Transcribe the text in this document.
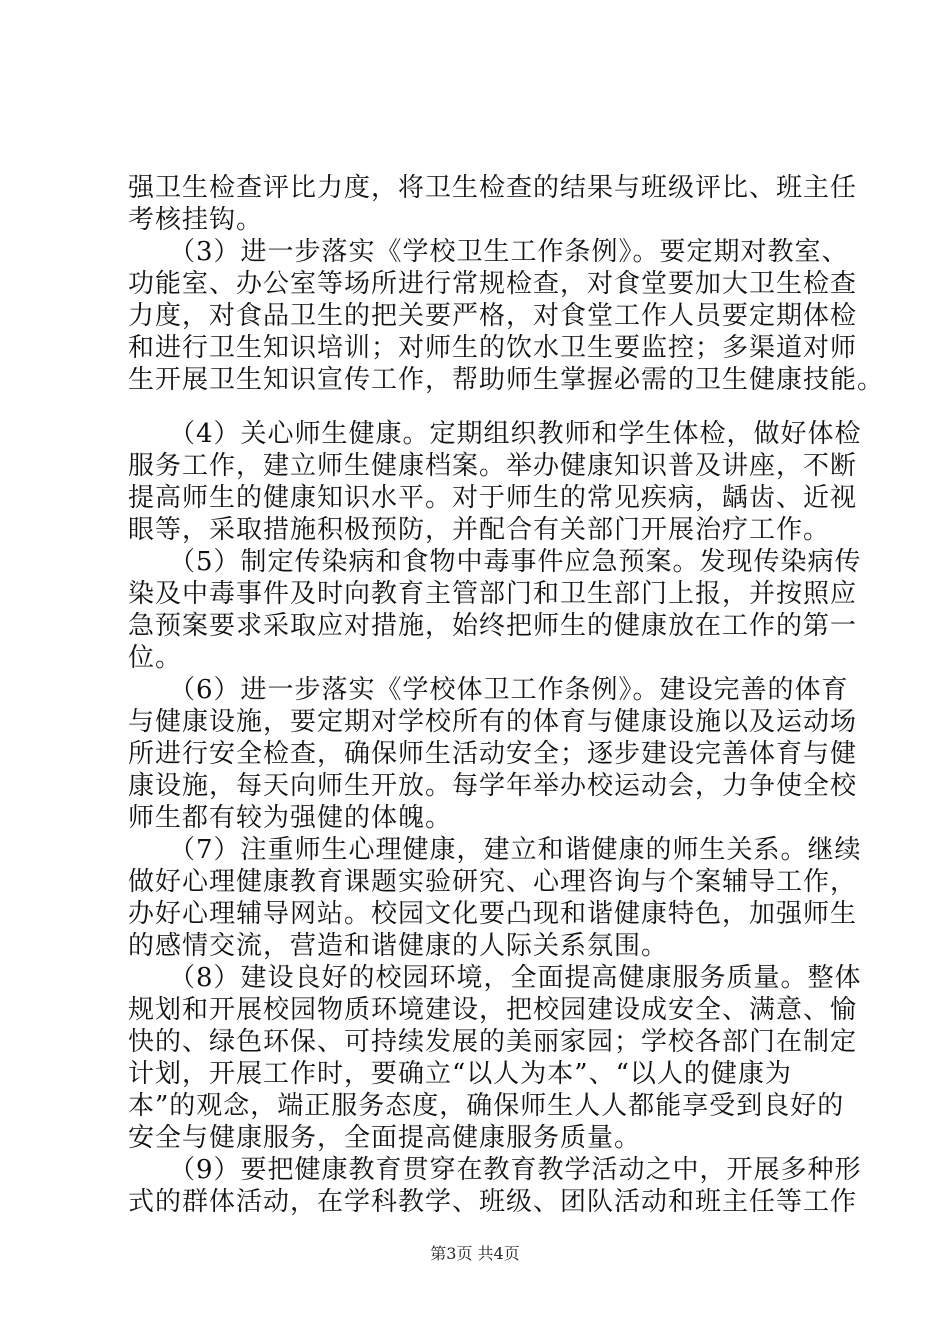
强卫生检查评比力度，将卫生检查的结果与班级评比、班主任
考核挂钩。
　　（3）进一步落实《学校卫生工作条例》。要定期对教室、
功能室、办公室等场所进行常规检查，对食堂要加大卫生检查
力度，对食品卫生的把关要严格，对食堂工作人员要定期体检
和进行卫生知识培训；对师生的饮水卫生要监控；多渠道对师
生开展卫生知识宣传工作，帮助师生掌握必需的卫生健康技能。
　　（4）关心师生健康。定期组织教师和学生体检，做好体检
服务工作，建立师生健康档案。举办健康知识普及讲座，不断
提高师生的健康知识水平。对于师生的常见疾病，龋齿、近视
眼等，采取措施积极预防，并配合有关部门开展治疗工作。
　　（5）制定传染病和食物中毒事件应急预案。发现传染病传
染及中毒事件及时向教育主管部门和卫生部门上报，并按照应
急预案要求采取应对措施，始终把师生的健康放在工作的第一
位。
　　（6）进一步落实《学校体卫工作条例》。建设完善的体育
与健康设施，要定期对学校所有的体育与健康设施以及运动场
所进行安全检查，确保师生活动安全；逐步建设完善体育与健
康设施，每天向师生开放。每学年举办校运动会，力争使全校
师生都有较为强健的体魄。
　　（7）注重师生心理健康，建立和谐健康的师生关系。继续
做好心理健康教育课题实验研究、心理咨询与个案辅导工作，
办好心理辅导网站。校园文化要凸现和谐健康特色，加强师生
的感情交流，营造和谐健康的人际关系氛围。
　　（8）建设良好的校园环境，全面提高健康服务质量。整体
规划和开展校园物质环境建设，把校园建设成安全、满意、愉
快的、绿色环保、可持续发展的美丽家园；学校各部门在制定
计划，开展工作时，要确立“以人为本”、“以人的健康为
本”的观念，端正服务态度，确保师生人人都能享受到良好的
安全与健康服务，全面提高健康服务质量。
　　（9）要把健康教育贯穿在教育教学活动之中，开展多种形
式的群体活动，在学科教学、班级、团队活动和班主任等工作
第3页 共4页
